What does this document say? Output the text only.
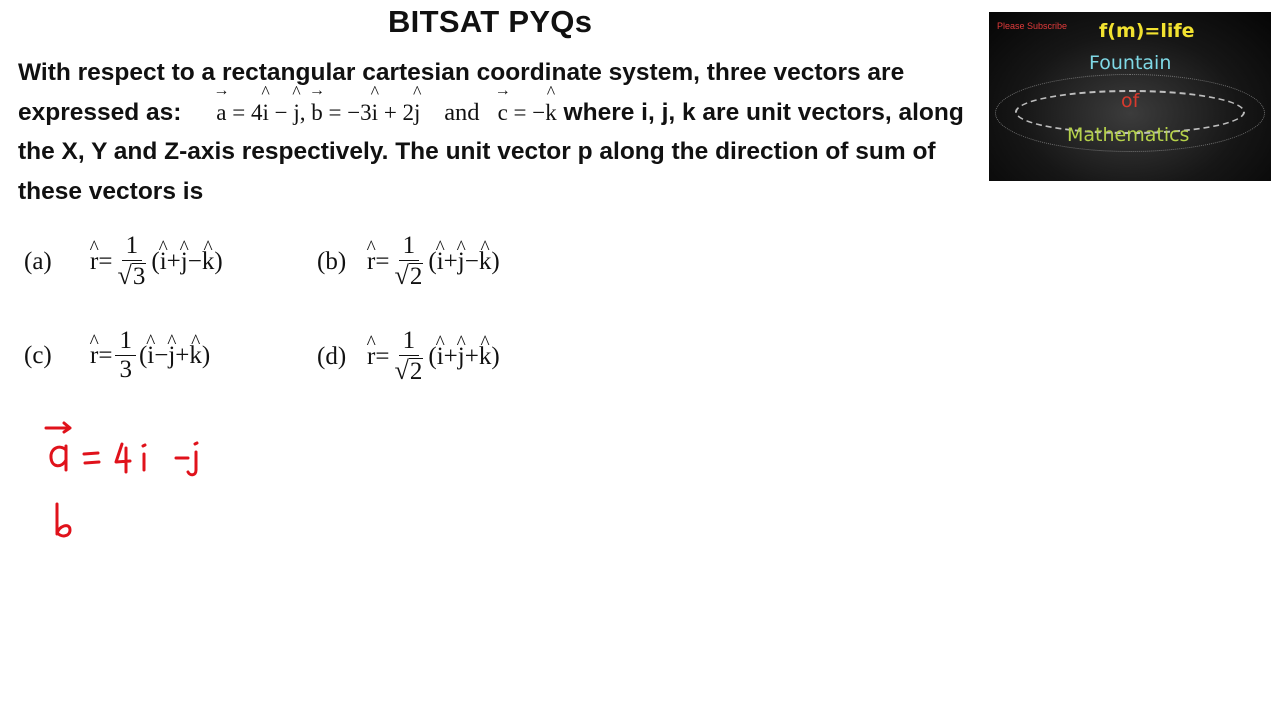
BITSAT PYQs
With respect to a rectangular cartesian coordinate system, three vectors are expressed as: → a = 4^ i − ^ j, → b = −3^ i + 2^ j and → c = −^ k where i, j, k are unit vectors, along the X, Y and Z-axis respectively. The unit vector p along the direction of sum of these vectors is
(a)	^ $r = \frac{1}{√ 3}$ ( ^ i + ^ j − ^ k )	(b) ^ $r = \frac{1}{√ 2}$ ( ^ i + ^ j − ^ k )
(c)	^ $r = \frac{1}{3}$ ( ^ i − ^ j + ^ k )	(d) ^ $r = \frac{1}{√ 2}$ ( ^ i + ^ j + ^ k )
Please Subscribe f(m)=life
Fountain
of
Mathematics
